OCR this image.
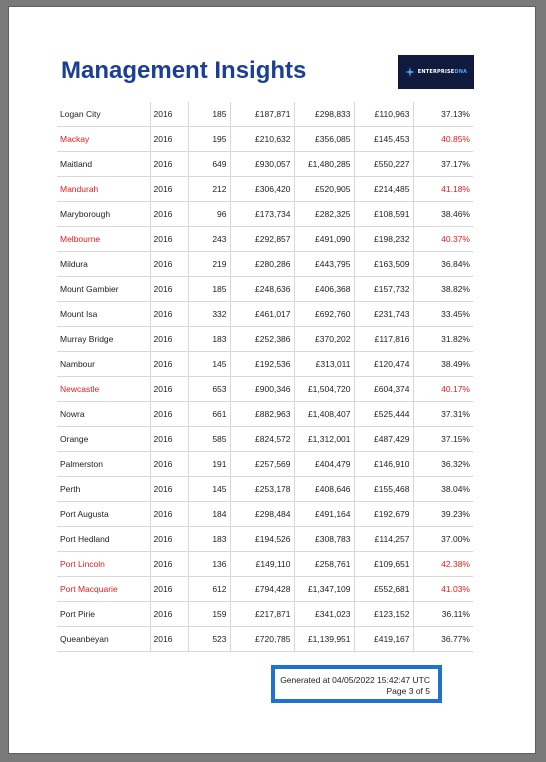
Management Insights	ENTERPRISEDNA
Logan City	2016	185	£187,871	£298,833	£110,963	37.13%
Mackay	2016	195	£210,632	£356,085	£145,453	40.85%
Maitland	2016	649	£930,057	£1,480,285	£550,227	37.17%
Mandurah	2016	212	£306,420	£520,905	£214,485	41.18%
Maryborough	2016	96	£173,734	£282,325	£108,591	38.46%
Melbourne	2016	243	£292,857	£491,090	£198,232	40.37%
Mildura	2016	219	£280,286	£443,795	£163,509	36.84%
Mount Gambier	2016	185	£248,636	£406,368	£157,732	38.82%
Mount Isa	2016	332	£461,017	£692,760	£231,743	33.45%
Murray Bridge	2016	183	£252,386	£370,202	£117,816	31.82%
Nambour	2016	145	£192,536	£313,011	£120,474	38.49%
Newcastle	2016	653	£900,346	£1,504,720	£604,374	40.17%
Nowra	2016	661	£882,963	£1,408,407	£525,444	37.31%
Orange	2016	585	£824,572	£1,312,001	£487,429	37.15%
Palmerston	2016	191	£257,569	£404,479	£146,910	36.32%
Perth	2016	145	£253,178	£408,646	£155,468	38.04%
Port Augusta	2016	184	£298,484	£491,164	£192,679	39.23%
Port Hedland	2016	183	£194,526	£308,783	£114,257	37.00%
Port Lincoln	2016	136	£149,110	£258,761	£109,651	42.38%
Port Macquarie	2016	612	£794,428	£1,347,109	£552,681	41.03%
Port Pirie	2016	159	£217,871	£341,023	£123,152	36.11%
Queanbeyan	2016	523	£720,785	£1,139,951	£419,167	36.77%
Generated at 04/05/2022 15:42:47 UTC
Page 3 of 5
